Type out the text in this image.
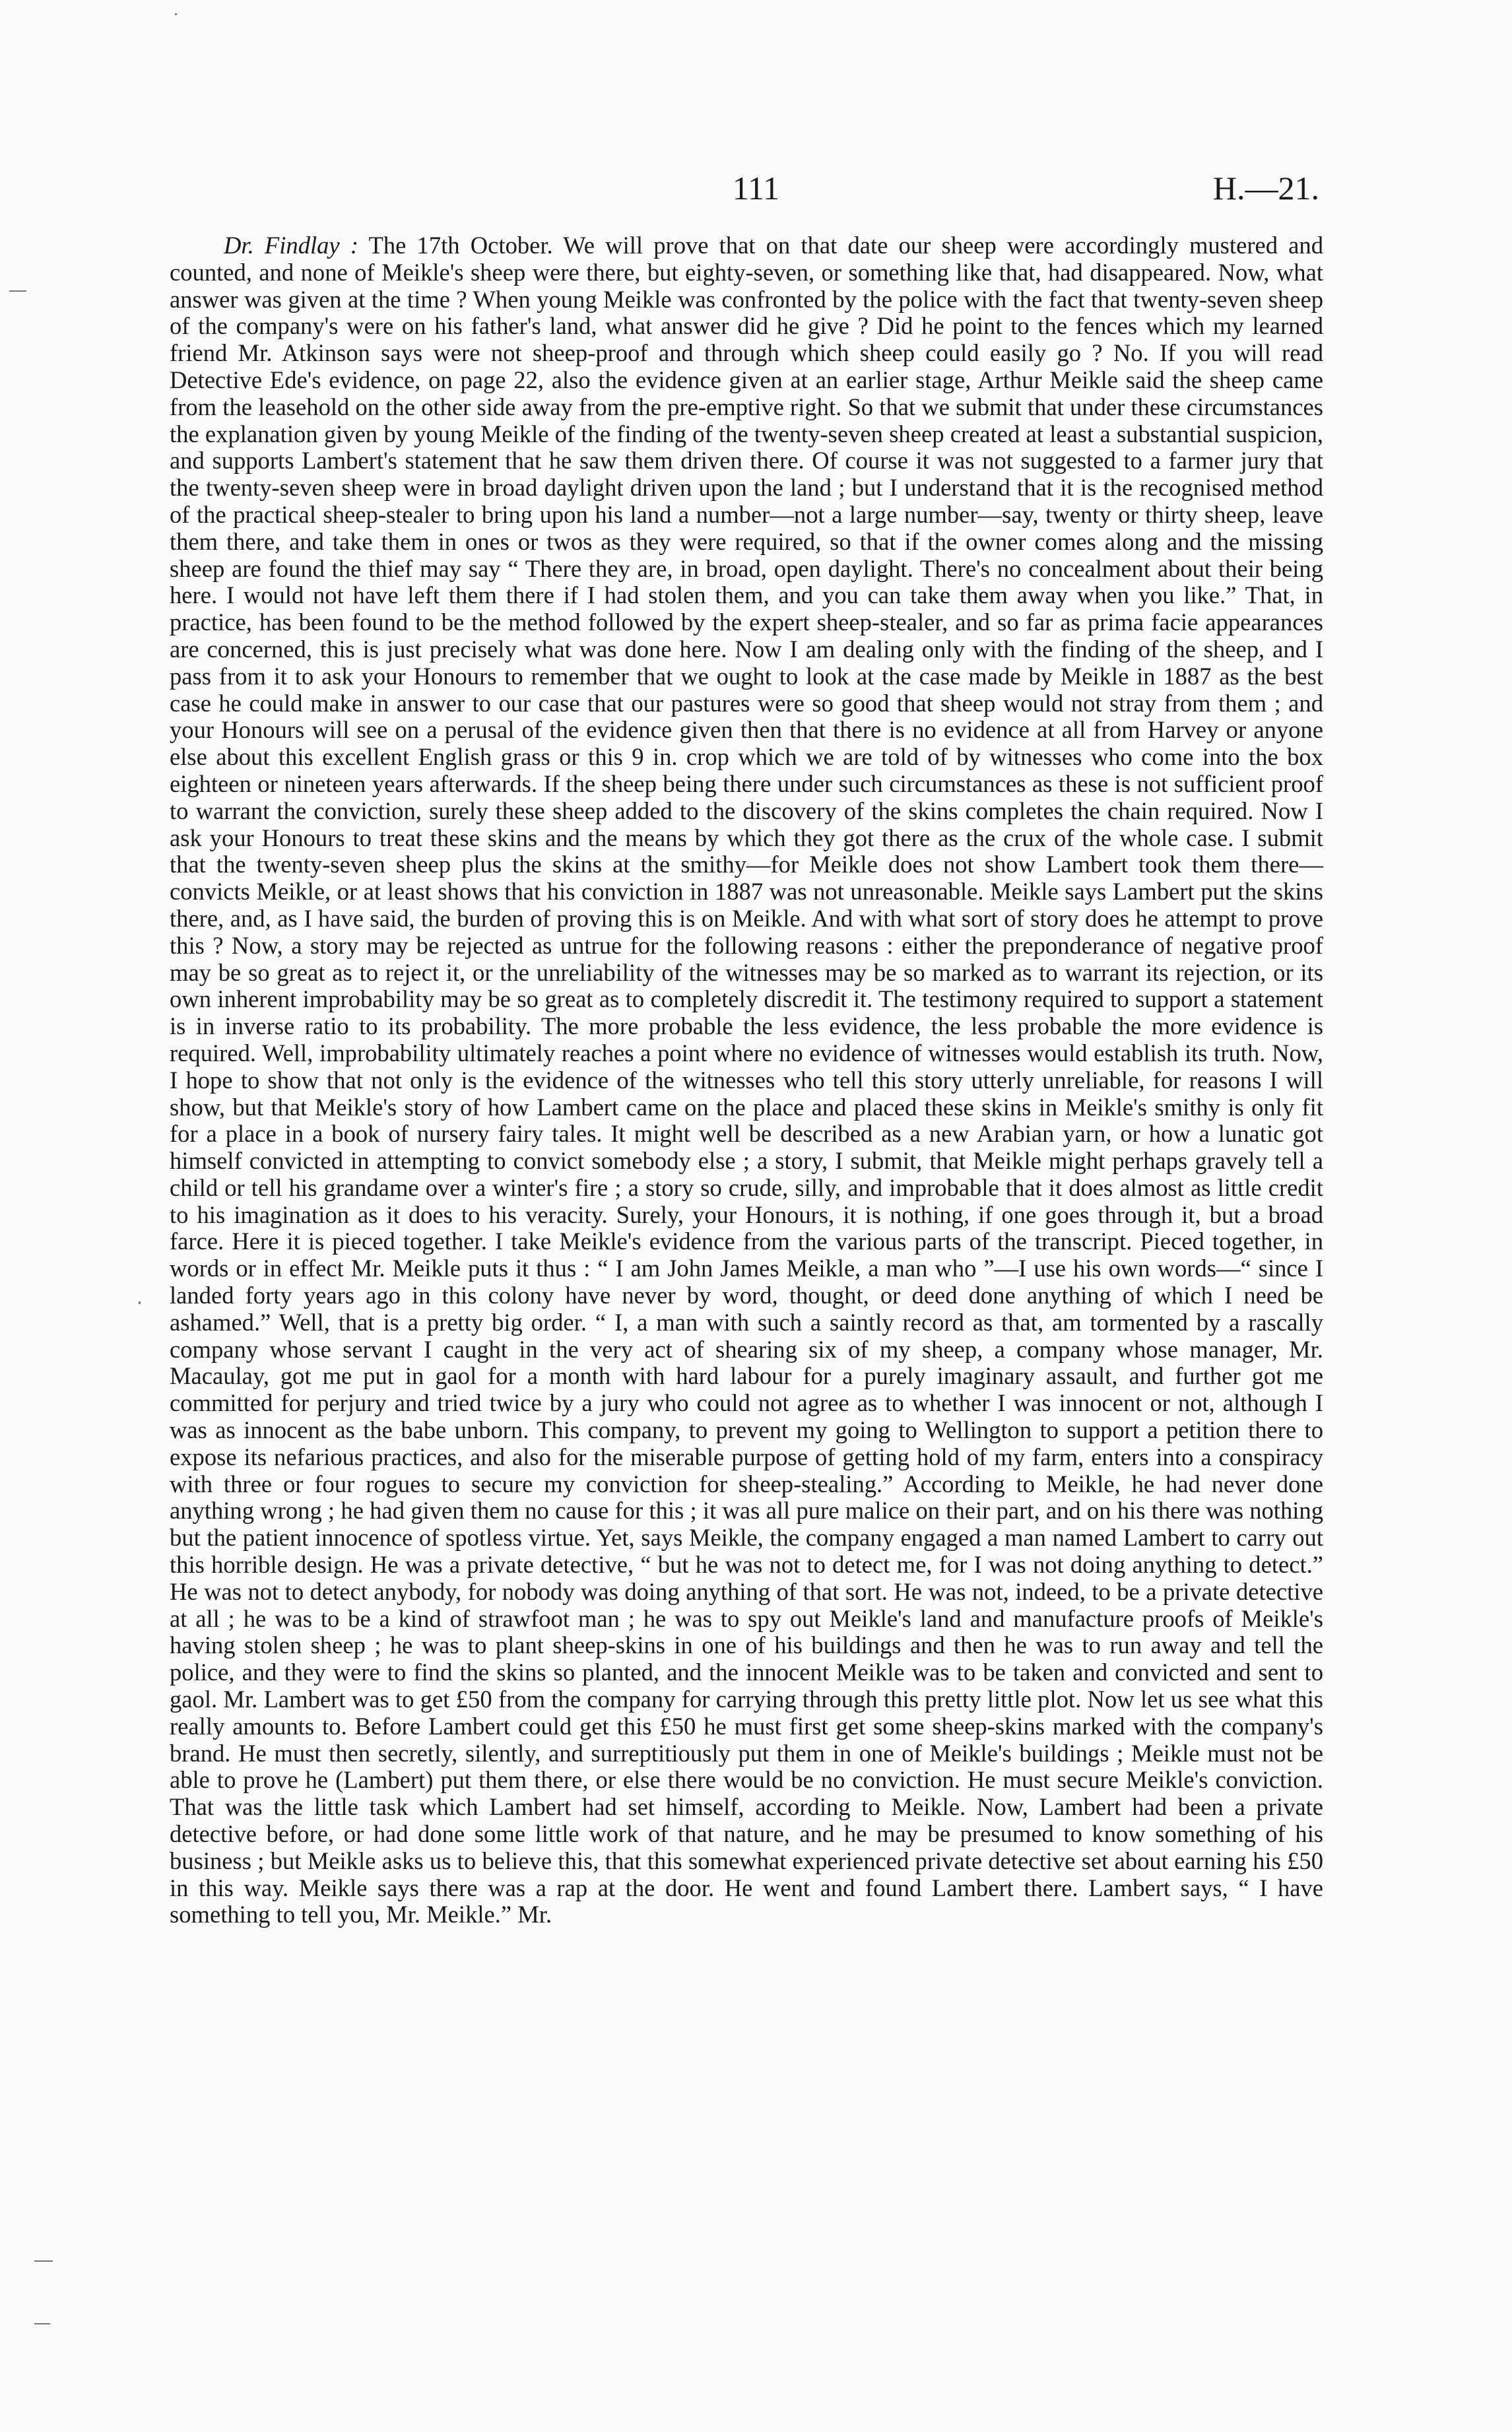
111	H.—21.

Dr. Findlay : The 17th October. We will prove that on that date our sheep were accordingly mustered and counted, and none of Meikle's sheep were there, but eighty-seven, or something like that, had disappeared. Now, what answer was given at the time ? When young Meikle was confronted by the police with the fact that twenty-seven sheep of the company's were on his father's land, what answer did he give ? Did he point to the fences which my learned friend Mr. Atkinson says were not sheep-proof and through which sheep could easily go ? No. If you will read Detective Ede's evidence, on page 22, also the evidence given at an earlier stage, Arthur Meikle said the sheep came from the leasehold on the other side away from the pre-emptive right. So that we submit that under these circumstances the explanation given by young Meikle of the finding of the twenty-seven sheep created at least a substantial suspicion, and supports Lambert's statement that he saw them driven there. Of course it was not suggested to a farmer jury that the twenty-seven sheep were in broad daylight driven upon the land ; but I understand that it is the recognised method of the practical sheep-stealer to bring upon his land a number—not a large number—say, twenty or thirty sheep, leave them there, and take them in ones or twos as they were required, so that if the owner comes along and the missing sheep are found the thief may say “ There they are, in broad, open daylight. There's no concealment about their being here. I would not have left them there if I had stolen them, and you can take them away when you like.” That, in practice, has been found to be the method followed by the expert sheep-stealer, and so far as prima facie appearances are concerned, this is just precisely what was done here. Now I am dealing only with the finding of the sheep, and I pass from it to ask your Honours to remember that we ought to look at the case made by Meikle in 1887 as the best case he could make in answer to our case that our pastures were so good that sheep would not stray from them ; and your Honours will see on a perusal of the evidence given then that there is no evidence at all from Harvey or anyone else about this excellent English grass or this 9 in. crop which we are told of by witnesses who come into the box eighteen or nineteen years afterwards. If the sheep being there under such circumstances as these is not sufficient proof to warrant the conviction, surely these sheep added to the discovery of the skins completes the chain required. Now I ask your Honours to treat these skins and the means by which they got there as the crux of the whole case. I submit that the twenty-seven sheep plus the skins at the smithy—for Meikle does not show Lambert took them there—convicts Meikle, or at least shows that his conviction in 1887 was not unreasonable. Meikle says Lambert put the skins there, and, as I have said, the burden of proving this is on Meikle. And with what sort of story does he attempt to prove this ? Now, a story may be rejected as untrue for the following reasons : either the preponderance of negative proof may be so great as to reject it, or the unreliability of the witnesses may be so marked as to warrant its rejection, or its own inherent improbability may be so great as to completely discredit it. The testimony required to support a statement is in inverse ratio to its probability. The more probable the less evidence, the less probable the more evidence is required. Well, improbability ultimately reaches a point where no evidence of witnesses would establish its truth. Now, I hope to show that not only is the evidence of the witnesses who tell this story utterly unreliable, for reasons I will show, but that Meikle's story of how Lambert came on the place and placed these skins in Meikle's smithy is only fit for a place in a book of nursery fairy tales. It might well be described as a new Arabian yarn, or how a lunatic got himself convicted in attempting to convict somebody else ; a story, I submit, that Meikle might perhaps gravely tell a child or tell his grandame over a winter's fire ; a story so crude, silly, and improbable that it does almost as little credit to his imagination as it does to his veracity. Surely, your Honours, it is nothing, if one goes through it, but a broad farce. Here it is pieced together. I take Meikle's evidence from the various parts of the transcript. Pieced together, in words or in effect Mr. Meikle puts it thus : “ I am John James Meikle, a man who ”—I use his own words—“ since I landed forty years ago in this colony have never by word, thought, or deed done anything of which I need be ashamed.” Well, that is a pretty big order. “ I, a man with such a saintly record as that, am tormented by a rascally company whose servant I caught in the very act of shearing six of my sheep, a company whose manager, Mr. Macaulay, got me put in gaol for a month with hard labour for a purely imaginary assault, and further got me committed for perjury and tried twice by a jury who could not agree as to whether I was innocent or not, although I was as innocent as the babe unborn. This company, to prevent my going to Wellington to support a petition there to expose its nefarious practices, and also for the miserable purpose of getting hold of my farm, enters into a conspiracy with three or four rogues to secure my conviction for sheep-stealing.” According to Meikle, he had never done anything wrong ; he had given them no cause for this ; it was all pure malice on their part, and on his there was nothing but the patient innocence of spotless virtue. Yet, says Meikle, the company engaged a man named Lambert to carry out this horrible design. He was a private detective, “ but he was not to detect me, for I was not doing anything to detect.” He was not to detect anybody, for nobody was doing anything of that sort. He was not, indeed, to be a private detective at all ; he was to be a kind of strawfoot man ; he was to spy out Meikle's land and manufacture proofs of Meikle's having stolen sheep ; he was to plant sheep-skins in one of his buildings and then he was to run away and tell the police, and they were to find the skins so planted, and the innocent Meikle was to be taken and convicted and sent to gaol. Mr. Lambert was to get £50 from the company for carrying through this pretty little plot. Now let us see what this really amounts to. Before Lambert could get this £50 he must first get some sheep-skins marked with the company's brand. He must then secretly, silently, and surreptitiously put them in one of Meikle's buildings ; Meikle must not be able to prove he (Lambert) put them there, or else there would be no conviction. He must secure Meikle's conviction. That was the little task which Lambert had set himself, according to Meikle. Now, Lambert had been a private detective before, or had done some little work of that nature, and he may be presumed to know something of his business ; but Meikle asks us to believe this, that this somewhat experienced private detective set about earning his £50 in this way. Meikle says there was a rap at the door. He went and found Lambert there. Lambert says, “ I have something to tell you, Mr. Meikle.” Mr.
